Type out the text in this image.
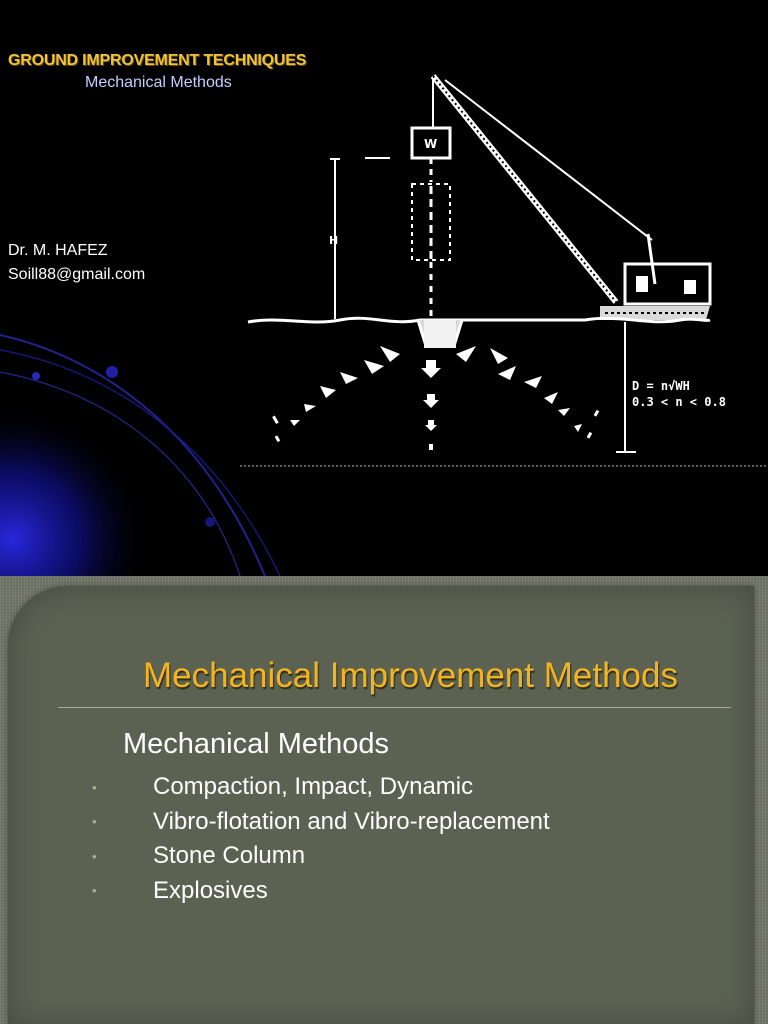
GROUND IMPROVEMENT TECHNIQUES
Mechanical Methods
Dr. M. HAFEZ
Soill88@gmail.com
H
W
D = n√WH
0.3 < n < 0.8
Mechanical Improvement Methods
Mechanical Methods
•	Compaction, Impact, Dynamic
•	Vibro-flotation and Vibro-replacement
•	Stone Column
•	Explosives
